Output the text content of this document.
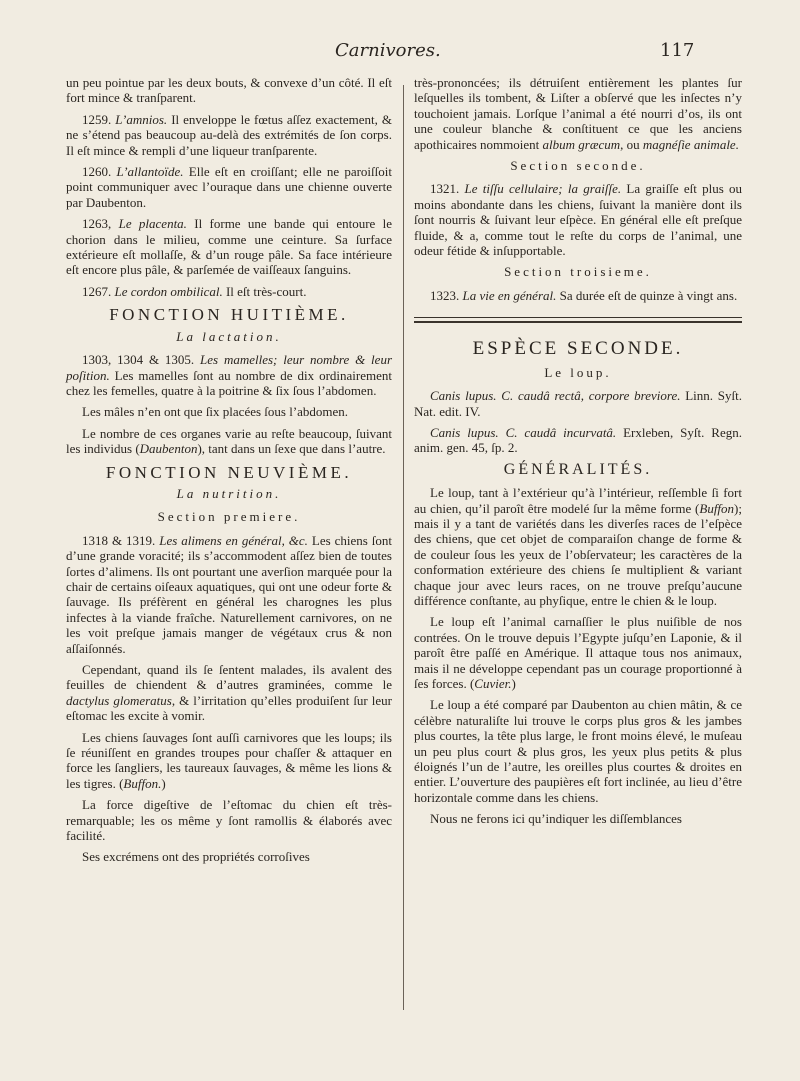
Carnivores.	117

un peu pointue par les deux bouts, & convexe d’un côté. Il eſt fort mince & tranſparent.

1259. L’amnios. Il enveloppe le fœtus aſſez exactement, & ne s’étend pas beaucoup au-delà des extrémités de ſon corps. Il eſt mince & rempli d’une liqueur tranſparente.

1260. L’allantoïde. Elle eſt en croiſſant; elle ne paroiſſoit point communiquer avec l’ouraque dans une chienne ouverte par Daubenton.

1263, Le placenta. Il forme une bande qui entoure le chorion dans le milieu, comme une ceinture. Sa ſurface extérieure eſt mollaſſe, & d’un rouge pâle. Sa face intérieure eſt encore plus pâle, & parſemée de vaiſſeaux ſanguins.

1267. Le cordon ombilical. Il eſt très-court.

FONCTION HUITIÈME.

La lactation.

1303, 1304 & 1305. Les mamelles; leur nombre & leur poſition. Les mamelles ſont au nombre de dix ordinairement chez les femelles, quatre à la poitrine & ſix ſous l’abdomen.

Les mâles n’en ont que ſix placées ſous l’abdomen.

Le nombre de ces organes varie au reſte beaucoup, ſuivant les individus (Daubenton), tant dans un ſexe que dans l’autre.

FONCTION NEUVIÈME.

La nutrition.

Section premiere.

1318 & 1319. Les alimens en général, &c. Les chiens ſont d’une grande voracité; ils s’accommodent aſſez bien de toutes ſortes d’alimens. Ils ont pourtant une averſion marquée pour la chair de certains oiſeaux aquatiques, qui ont une odeur forte & ſauvage. Ils préfèrent en général les charognes les plus infectes à la viande fraîche. Naturellement carnivores, on ne les voit preſque jamais manger de végétaux crus & non aſſaiſonnés.

Cependant, quand ils ſe ſentent malades, ils avalent des feuilles de chiendent & d’autres graminées, comme le dactylus glomeratus, & l’irritation qu’elles produiſent ſur leur eſtomac les excite à vomir.

Les chiens ſauvages ſont auſſi carnivores que les loups; ils ſe réuniſſent en grandes troupes pour chaſſer & attaquer en force les ſangliers, les taureaux ſauvages, & même les lions & les tigres. (Buffon.)

La force digeſtive de l’eſtomac du chien eſt très-remarquable; les os même y ſont ramollis & élaborés avec facilité.

Ses excrémens ont des propriétés corroſives

très-prononcées; ils détruiſent entièrement les plantes ſur leſquelles ils tombent, & Liſter a obſervé que les inſectes n’y touchoient jamais. Lorſque l’animal a été nourri d’os, ils ont une couleur blanche & conſtituent ce que les anciens apothicaires nommoient album græcum, ou magnéſie animale.

Section seconde.

1321. Le tiſſu cellulaire; la graiſſe. La graiſſe eſt plus ou moins abondante dans les chiens, ſuivant la manière dont ils ſont nourris & ſuivant leur eſpèce. En général elle eſt preſque fluide, & a, comme tout le reſte du corps de l’animal, une odeur fétide & inſupportable.

Section troisieme.

1323. La vie en général. Sa durée eſt de quinze à vingt ans.

ESPÈCE SECONDE.

Le loup.

Canis lupus. C. caudâ rectâ, corpore breviore. Linn. Syſt. Nat. edit. IV.

Canis lupus. C. caudâ incurvatâ. Erxleben, Syſt. Regn. anim. gen. 45, ſp. 2.

GÉNÉRALITÉS.

Le loup, tant à l’extérieur qu’à l’intérieur, reſſemble ſi fort au chien, qu’il paroît être modelé ſur la même forme (Buffon); mais il y a tant de variétés dans les diverſes races de l’eſpèce des chiens, que cet objet de comparaiſon change de forme & de couleur ſous les yeux de l’obſervateur; les caractères de la conformation extérieure des chiens ſe multiplient & variant chaque jour avec leurs races, on ne trouve preſqu’aucune différence conſtante, au phyſique, entre le chien & le loup.

Le loup eſt l’animal carnaſſier le plus nuiſible de nos contrées. On le trouve depuis l’Egypte juſqu’en Laponie, & il paroît être paſſé en Amérique. Il attaque tous nos animaux, mais il ne développe cependant pas un courage proportionné à ſes forces. (Cuvier.)

Le loup a été comparé par Daubenton au chien mâtin, & ce célèbre naturaliſte lui trouve le corps plus gros & les jambes plus courtes, la tête plus large, le front moins élevé, le muſeau un peu plus court & plus gros, les yeux plus petits & plus éloignés l’un de l’autre, les oreilles plus courtes & droites en entier. L’ouverture des paupières eſt fort inclinée, au lieu d’être horizontale comme dans les chiens.

Nous ne ferons ici qu’indiquer les diſſemblances
